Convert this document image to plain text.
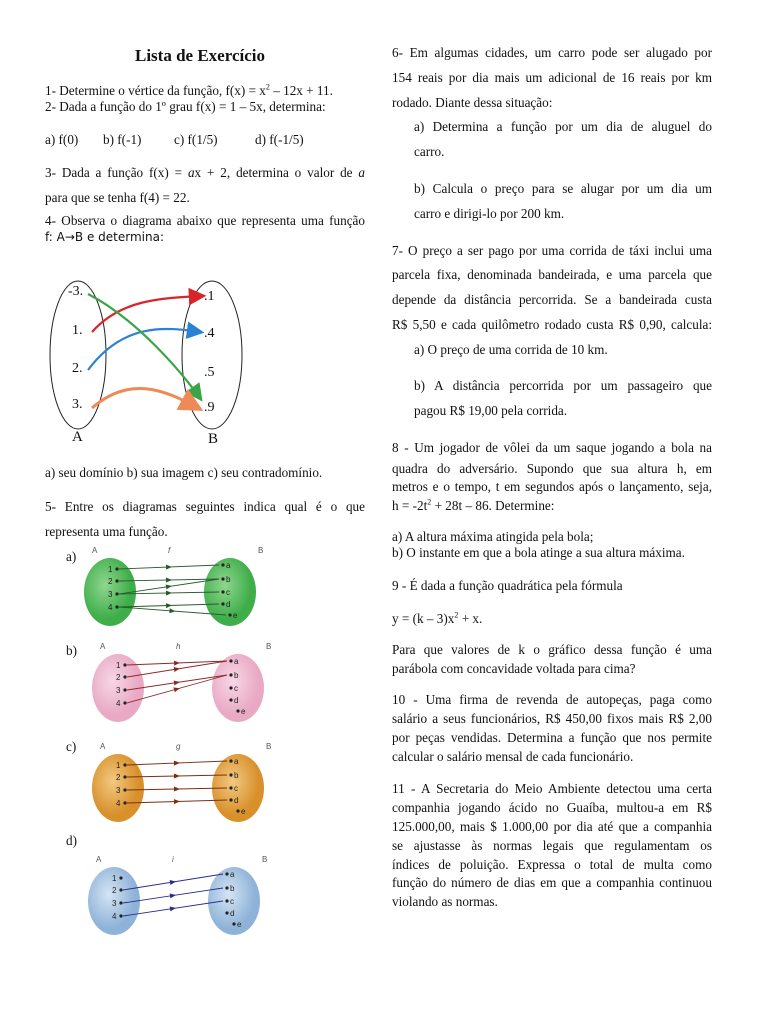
Lista de Exercício
1- Determine o vértice da função, $f(x) = x^2 - 12x + 11$.
2- Dada a função do 1º grau f(x) = 1 – 5x, determina:
a) f(0) b) f(-1) c) f(1/5)	d) f(-1/5)
3- Dada a função f(x) = ax + 2, determina o valor de a
para que se tenha f(4) = 22.
4- Observa o diagrama abaixo que representa uma função
f: A→B e determina:
-3.
1.
2.
3.
.1
.4
.5
.9
A	B
a) seu domínio b) sua imagem c) seu contradomínio.
5- Entre os diagramas seguintes indica qual é o que
representa uma função.
a)
b)
c)
d)
A	B
f
1
2
3
4
a
b
c
d
e
A	B
h
1
2
3
4
a
b
c
d
e
A	B
g
1
2
3
4
a
b
c
d
e
A	B
i
1
2
3
4
a
b
c
d
e
6- Em algumas cidades, um carro pode ser alugado por
154 reais por dia mais um adicional de 16 reais por km
rodado. Diante dessa situação:
a) Determina a função por um dia de aluguel do
carro.
b) Calcula o preço para se alugar por um dia um
carro e dirigi-lo por 200 km.
7- O preço a ser pago por uma corrida de táxi inclui uma
parcela fixa, denominada bandeirada, e uma parcela que
depende da distância percorrida. Se a bandeirada custa
R$ 5,50 e cada quilômetro rodado custa R$ 0,90, calcula:
a) O preço de uma corrida de 10 km.
b) A distância percorrida por um passageiro que
pagou R$ 19,00 pela corrida.
8 - Um jogador de vôlei da um saque jogando a bola na
quadra do adversário. Supondo que sua altura h, em
metros e o tempo, t em segundos após o lançamento, seja,
$h = -2t^2 + 28t - 86$. Determine:
a) A altura máxima atingida pela bola;
b) O instante em que a bola atinge a sua altura máxima.
9 - É dada a função quadrática pela fórmula
$y = (k - 3)x^2 + x$.
Para que valores de k o gráfico dessa função é uma
parábola com concavidade voltada para cima?
10 - Uma firma de revenda de autopeças, paga como
salário a seus funcionários, R$ 450,00 fixos mais R$ 2,00
por peças vendidas. Determina a função que nos permite
calcular o salário mensal de cada funcionário.
11 - A Secretaria do Meio Ambiente detectou uma certa
companhia jogando ácido no Guaíba, multou-a em R$
125.000,00, mais $ 1.000,00 por dia até que a companhia
se ajustasse às normas legais que regulamentam os
índices de poluição. Expressa o total de multa como
função do número de dias em que a companhia continuou
violando as normas.
